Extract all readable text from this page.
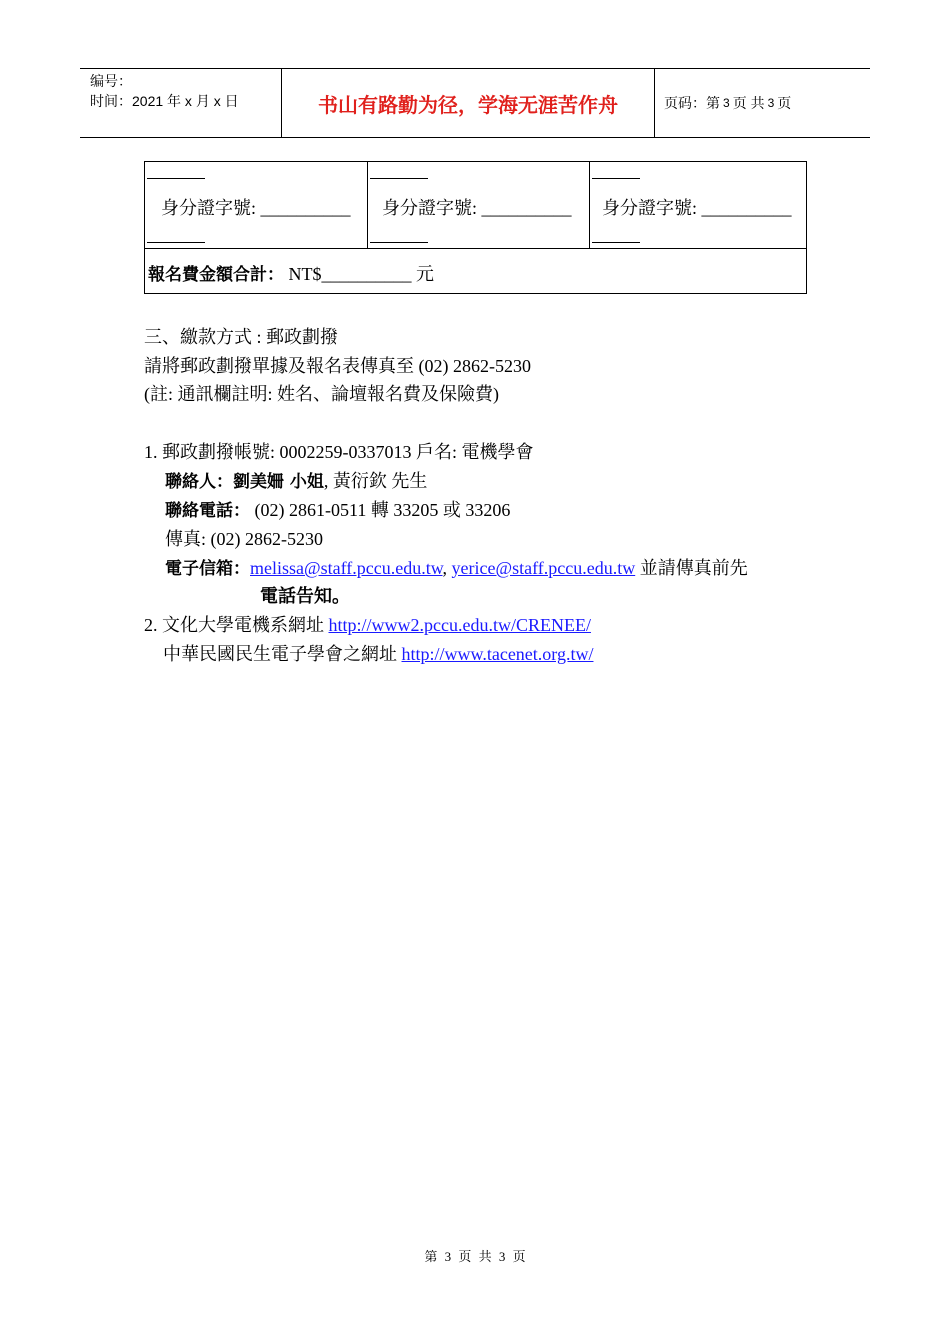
编号：
时间：2021 年 x 月 x 日	书山有路勤为径，学海无涯苦作舟	页码：第 3 页 共 3 页
身分證字號: __________ 身分證字號: __________ 身分證字號: __________
報名費金額合計： NT$__________ 元
三、繳款方式 : 郵政劃撥
請將郵政劃撥單據及報名表傳真至 (02) 2862-5230
(註: 通訊欄註明: 姓名、論壇報名費及保險費)
1. 郵政劃撥帳號: 0002259-0337013 戶名: 電機學會
聯絡人：劉美姍 小姐, 黃衍欽 先生
聯絡電話： (02) 2861-0511 轉 33205 或 33206
傳真: (02) 2862-5230
電子信箱：melissa@staff.pccu.edu.tw, yerice@staff.pccu.edu.tw 並請傳真前先
電話告知。
2. 文化大學電機系網址 http://www2.pccu.edu.tw/CRENEE/
中華民國民生電子學會之網址 http://www.tacenet.org.tw/
第 3 页 共 3 页
